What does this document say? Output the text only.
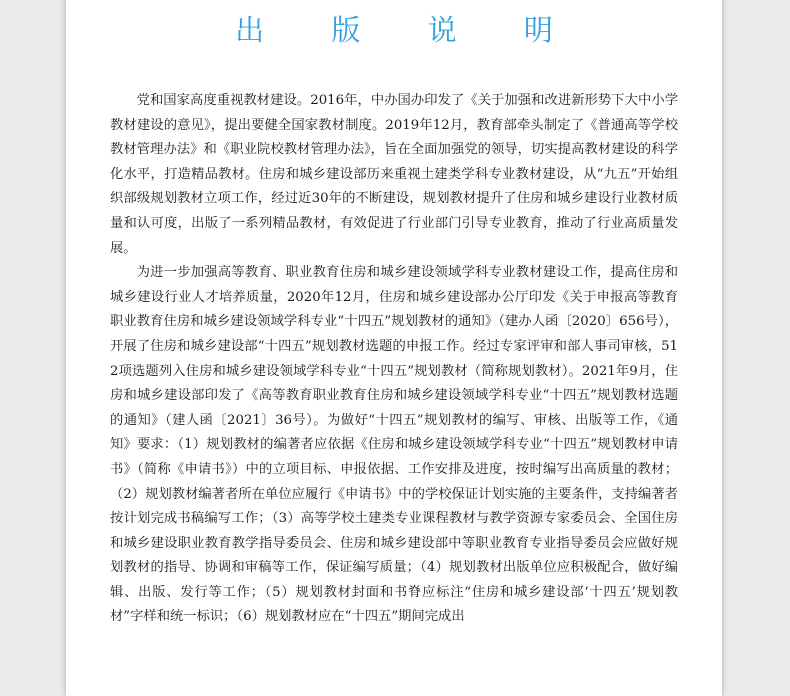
出 版 说 明

党和国家高度重视教材建设。2016年，中办国办印发了《关于加强和改进新形势下大中小学教材建设的意见》，提出要健全国家教材制度。2019年12月，教育部牵头制定了《普通高等学校教材管理办法》和《职业院校教材管理办法》，旨在全面加强党的领导，切实提高教材建设的科学化水平，打造精品教材。住房和城乡建设部历来重视土建类学科专业教材建设，从“九五”开始组织部级规划教材立项工作，经过近30年的不断建设，规划教材提升了住房和城乡建设行业教材质量和认可度，出版了一系列精品教材，有效促进了行业部门引导专业教育，推动了行业高质量发展。

为进一步加强高等教育、职业教育住房和城乡建设领域学科专业教材建设工作，提高住房和城乡建设行业人才培养质量，2020年12月，住房和城乡建设部办公厅印发《关于申报高等教育职业教育住房和城乡建设领域学科专业“十四五”规划教材的通知》（建办人函〔2020〕656号），开展了住房和城乡建设部“十四五”规划教材选题的申报工作。经过专家评审和部人事司审核，512项选题列入住房和城乡建设领域学科专业“十四五”规划教材（简称规划教材）。2021年9月，住房和城乡建设部印发了《高等教育职业教育住房和城乡建设领域学科专业“十四五”规划教材选题的通知》（建人函〔2021〕36号）。为做好“十四五”规划教材的编写、审核、出版等工作，《通知》要求：（1）规划教材的编著者应依据《住房和城乡建设领域学科专业“十四五”规划教材申请书》（简称《申请书》）中的立项目标、申报依据、工作安排及进度，按时编写出高质量的教材；（2）规划教材编著者所在单位应履行《申请书》中的学校保证计划实施的主要条件，支持编著者按计划完成书稿编写工作；（3）高等学校土建类专业课程教材与教学资源专家委员会、全国住房和城乡建设职业教育教学指导委员会、住房和城乡建设部中等职业教育专业指导委员会应做好规划教材的指导、协调和审稿等工作，保证编写质量；（4）规划教材出版单位应积极配合，做好编辑、出版、发行等工作；（5）规划教材封面和书脊应标注“住房和城乡建设部‘十四五’规划教材”字样和统一标识；（6）规划教材应在“十四五”期间完成出
